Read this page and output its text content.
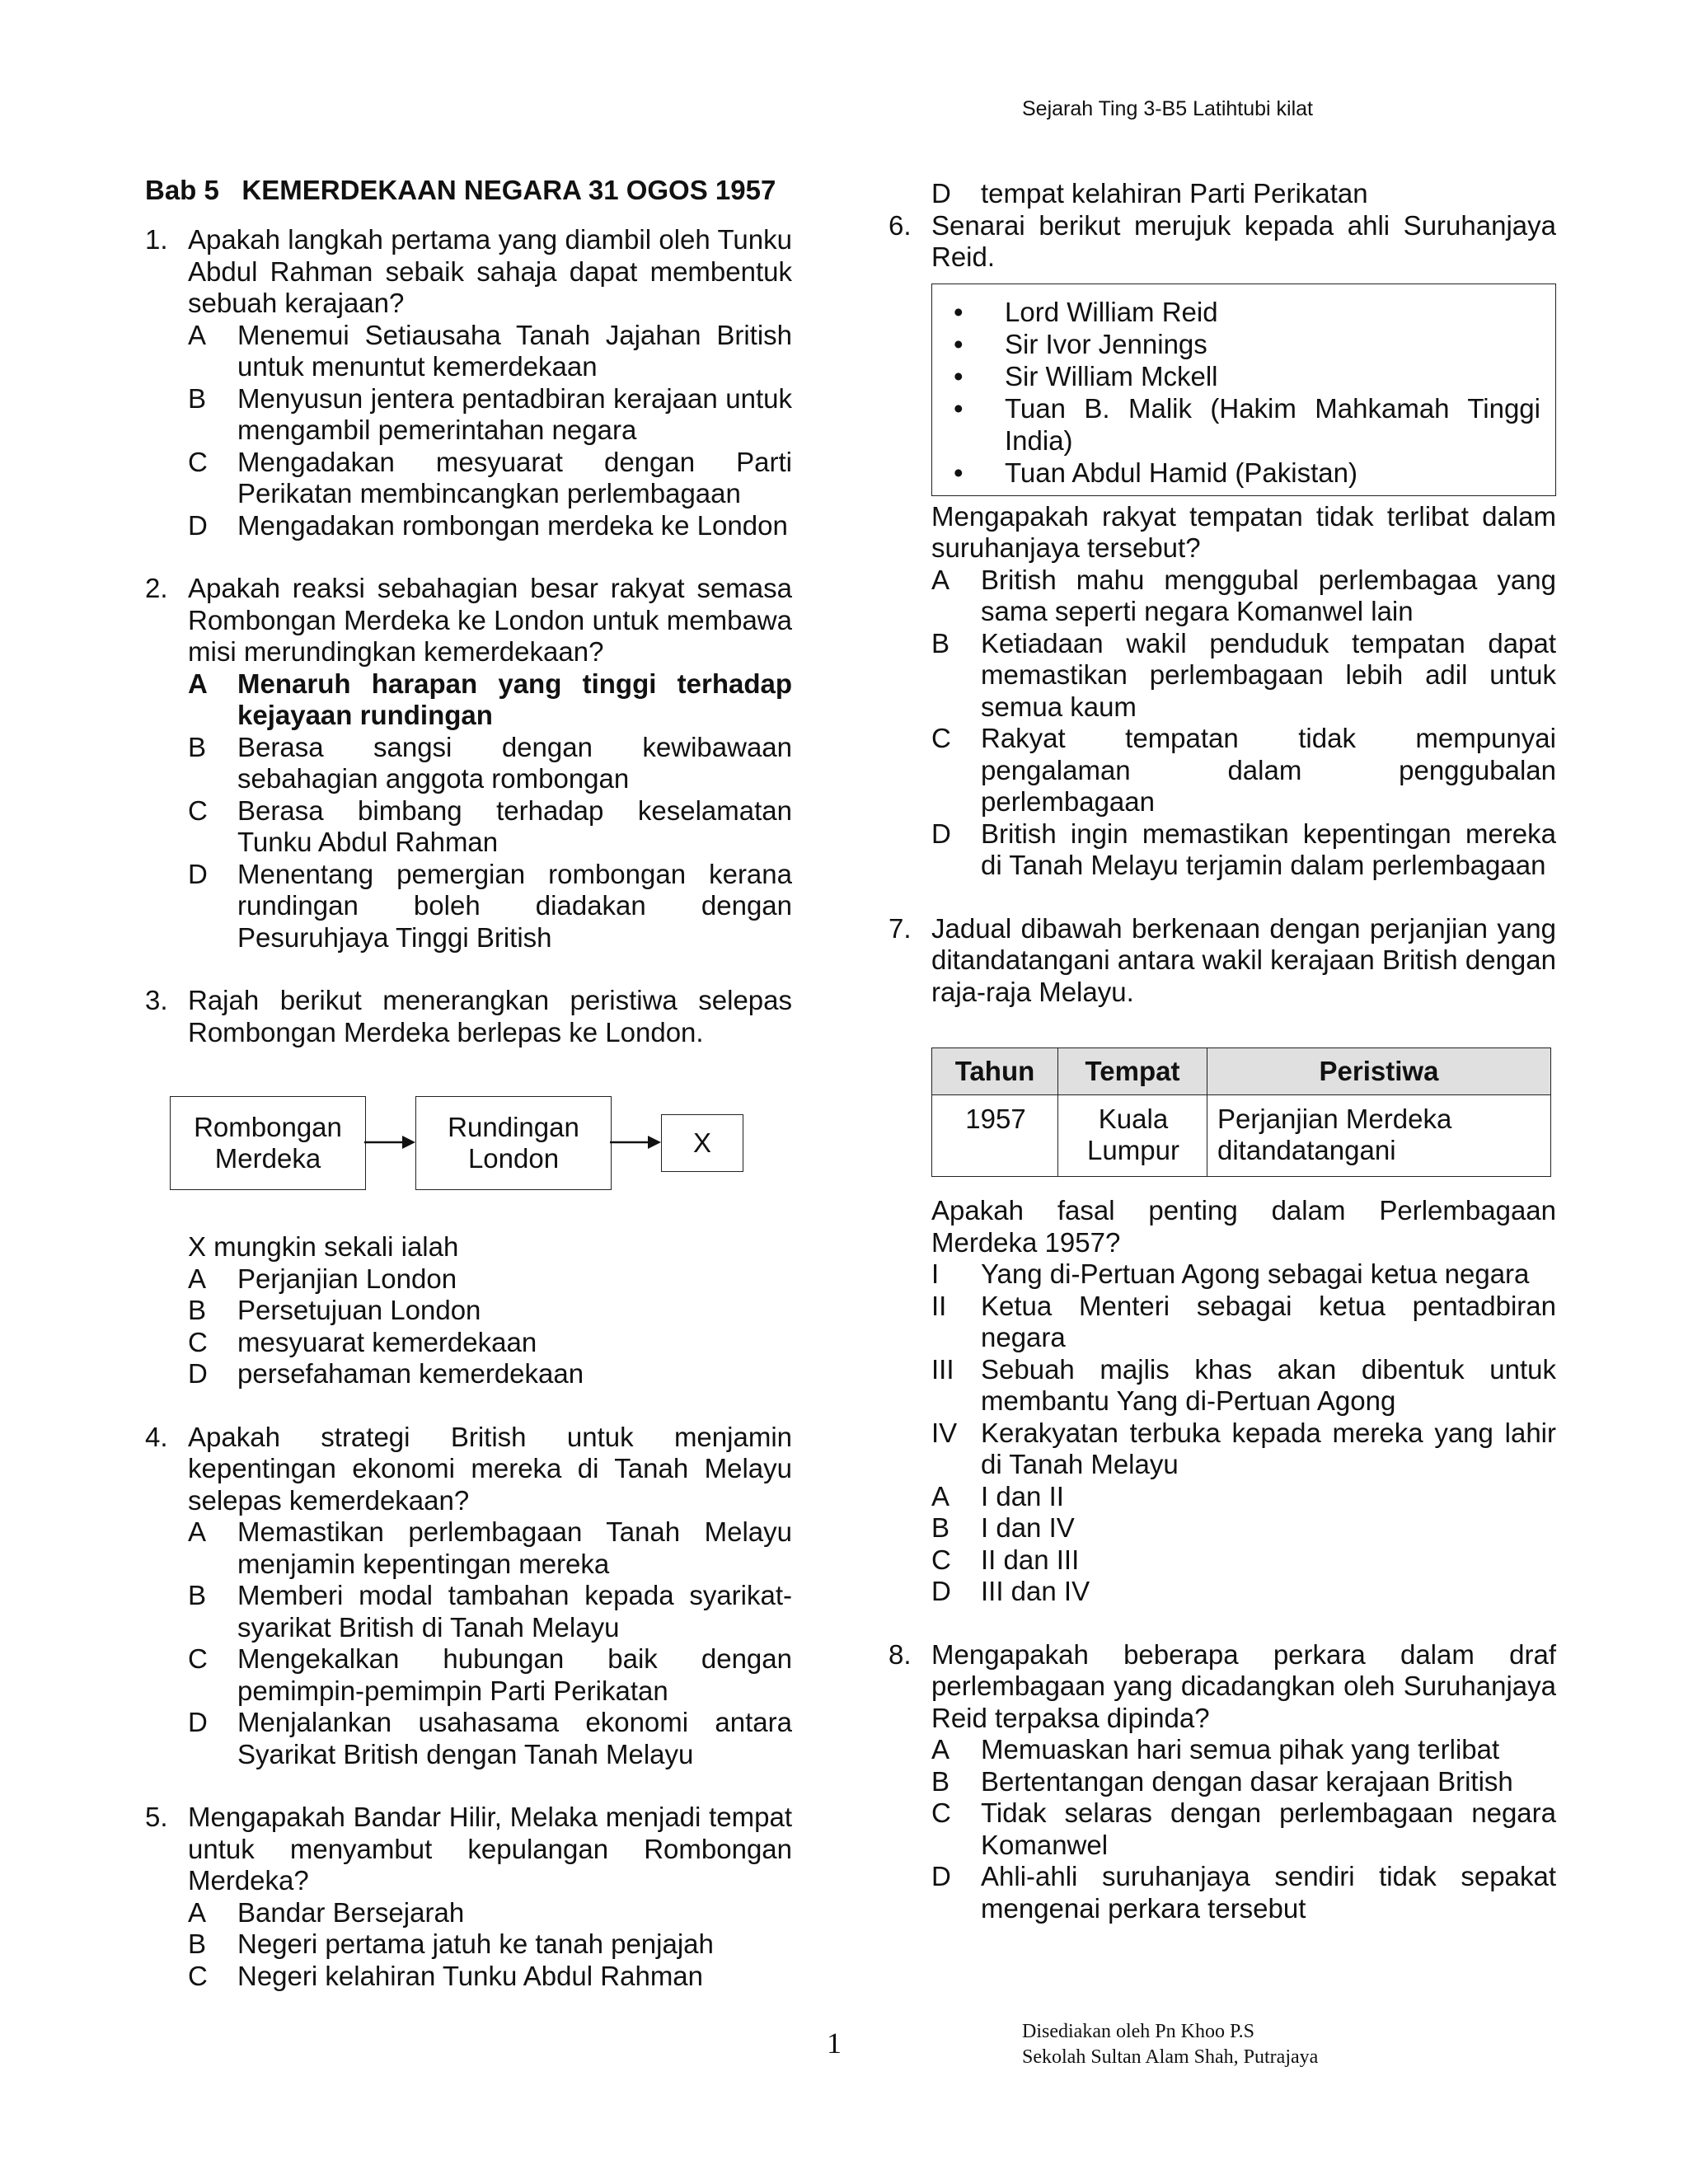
Sejarah Ting 3-B5 Latihtubi kilat
Bab 5 KEMERDEKAAN NEGARA 31 OGOS 1957
1. Apakah langkah pertama yang diambil oleh Tunku Abdul Rahman sebaik sahaja dapat membentuk sebuah kerajaan?
A	Menemui Setiausaha Tanah Jajahan British untuk menuntut kemerdekaan
B	Menyusun jentera pentadbiran kerajaan untuk mengambil pemerintahan negara
C	Mengadakan mesyuarat dengan Parti Perikatan membincangkan perlembagaan
D	Mengadakan rombongan merdeka ke London
2. Apakah reaksi sebahagian besar rakyat semasa Rombongan Merdeka ke London untuk membawa misi merundingkan kemerdekaan?
A	Menaruh harapan yang tinggi terhadap kejayaan rundingan
B	Berasa sangsi dengan kewibawaan sebahagian anggota rombongan
C	Berasa bimbang terhadap keselamatan Tunku Abdul Rahman
D	Menentang pemergian rombongan kerana rundingan boleh diadakan dengan Pesuruhjaya Tinggi British
3. Rajah berikut menerangkan peristiwa selepas Rombongan Merdeka berlepas ke London.
Rombongan Merdeka
Rundingan London
X
X mungkin sekali ialah
A	Perjanjian London
B	Persetujuan London
C	mesyuarat kemerdekaan
D	persefahaman kemerdekaan
4. Apakah strategi British untuk menjamin kepentingan ekonomi mereka di Tanah Melayu selepas kemerdekaan?
A	Memastikan perlembagaan Tanah Melayu menjamin kepentingan mereka
B	Memberi modal tambahan kepada syarikat-syarikat British di Tanah Melayu
C	Mengekalkan hubungan baik dengan pemimpin-pemimpin Parti Perikatan
D	Menjalankan usahasama ekonomi antara Syarikat British dengan Tanah Melayu
5. Mengapakah Bandar Hilir, Melaka menjadi tempat untuk menyambut kepulangan Rombongan Merdeka?
A	Bandar Bersejarah
B	Negeri pertama jatuh ke tanah penjajah
C	Negeri kelahiran Tunku Abdul Rahman
D	tempat kelahiran Parti Perikatan
6. Senarai berikut merujuk kepada ahli Suruhanjaya Reid.
•	Lord William Reid
•	Sir Ivor Jennings
•	Sir William Mckell
•	Tuan B. Malik (Hakim Mahkamah Tinggi India)
•	Tuan Abdul Hamid (Pakistan)
Mengapakah rakyat tempatan tidak terlibat dalam suruhanjaya tersebut?
A	British mahu menggubal perlembagaa yang sama seperti negara Komanwel lain
B	Ketiadaan wakil penduduk tempatan dapat memastikan perlembagaan lebih adil untuk semua kaum
C	Rakyat tempatan tidak mempunyai pengalaman dalam penggubalan perlembagaan
D	British ingin memastikan kepentingan mereka di Tanah Melayu terjamin dalam perlembagaan
7. Jadual dibawah berkenaan dengan perjanjian yang ditandatangani antara wakil kerajaan British dengan raja-raja Melayu.
Tahun	Tempat	Peristiwa
1957	Kuala Lumpur	Perjanjian Merdeka ditandatangani
Apakah fasal penting dalam Perlembagaan Merdeka 1957?
I	Yang di-Pertuan Agong sebagai ketua negara
II	Ketua Menteri sebagai ketua pentadbiran negara
III Sebuah majlis khas akan dibentuk untuk membantu Yang di-Pertuan Agong
IV Kerakyatan terbuka kepada mereka yang lahir di Tanah Melayu
A	I dan II
B	I dan IV
C	II dan III
D	III dan IV
8. Mengapakah beberapa perkara dalam draf perlembagaan yang dicadangkan oleh Suruhanjaya Reid terpaksa dipinda?
A	Memuaskan hari semua pihak yang terlibat
B	Bertentangan dengan dasar kerajaan British
C	Tidak selaras dengan perlembagaan negara Komanwel
D	Ahli-ahli suruhanjaya sendiri tidak sepakat mengenai perkara tersebut
1	Disediakan oleh Pn Khoo P.S
Sekolah Sultan Alam Shah, Putrajaya
